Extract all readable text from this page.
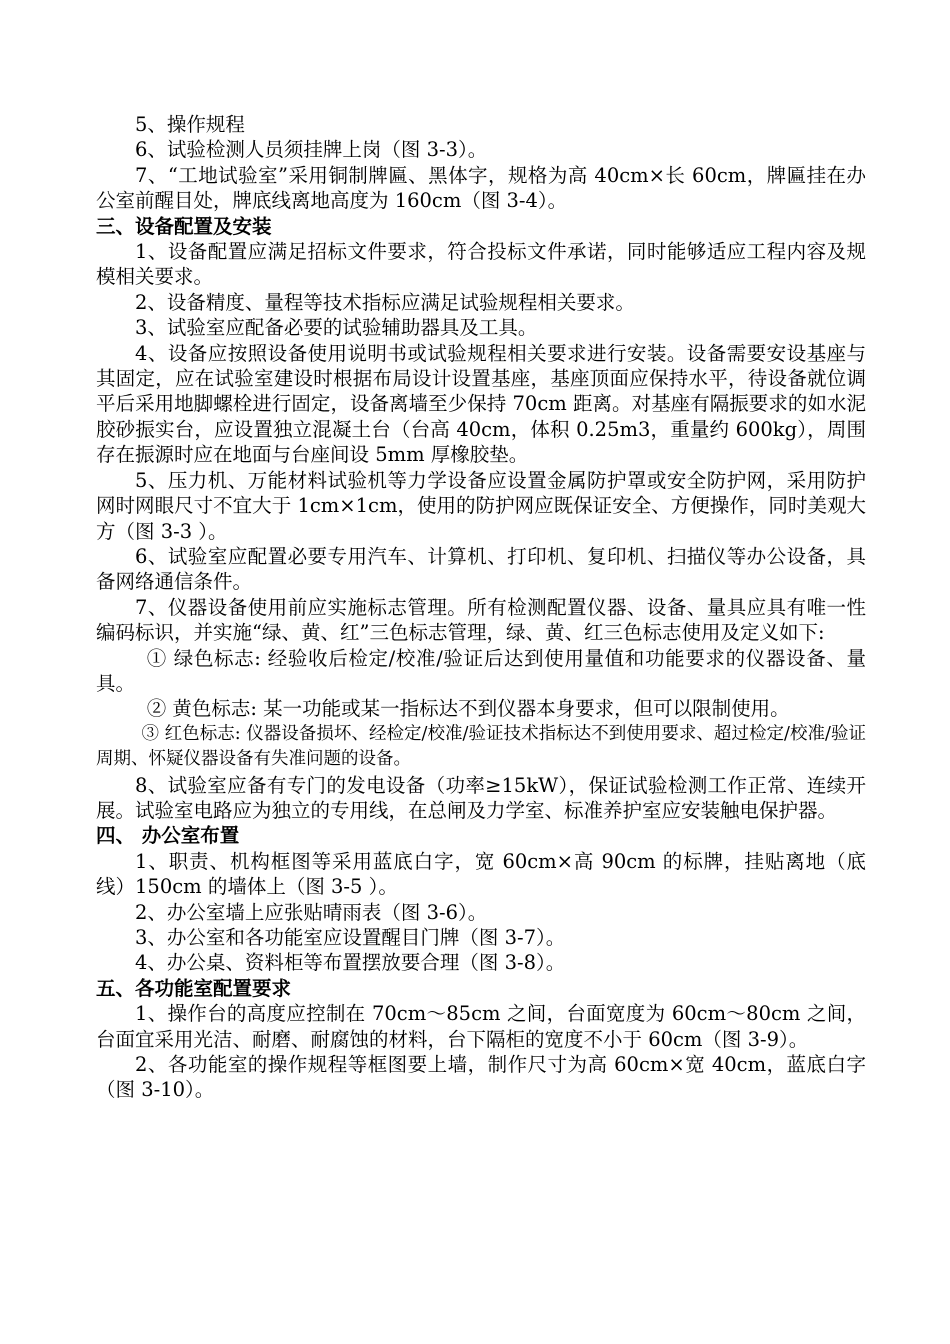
5、操作规程

6、试验检测人员须挂牌上岗（图 3-3）。

7、“工地试验室”采用铜制牌匾、黑体字，规格为高 40cm×长 60cm，牌匾挂在办公室前醒目处，牌底线离地高度为 160cm（图 3-4）。

三、设备配置及安装

1、设备配置应满足招标文件要求，符合投标文件承诺，同时能够适应工程内容及规模相关要求。

2、设备精度、量程等技术指标应满足试验规程相关要求。

3、试验室应配备必要的试验辅助器具及工具。

4、设备应按照设备使用说明书或试验规程相关要求进行安装。设备需要安设基座与其固定，应在试验室建设时根据布局设计设置基座，基座顶面应保持水平，待设备就位调平后采用地脚螺栓进行固定，设备离墙至少保持 70cm 距离。对基座有隔振要求的如水泥胶砂振实台，应设置独立混凝土台（台高 40cm，体积 0.25m3，重量约 600kg），周围存在振源时应在地面与台座间设 5mm 厚橡胶垫。

5、压力机、万能材料试验机等力学设备应设置金属防护罩或安全防护网，采用防护网时网眼尺寸不宜大于 1cm×1cm，使用的防护网应既保证安全、方便操作，同时美观大方（图 3-3 ）。

6、试验室应配置必要专用汽车、计算机、打印机、复印机、扫描仪等办公设备，具备网络通信条件。

7、仪器设备使用前应实施标志管理。所有检测配置仪器、设备、量具应具有唯一性编码标识，并实施“绿、黄、红”三色标志管理，绿、黄、红三色标志使用及定义如下:

① 绿色标志: 经验收后检定/校准/验证后达到使用量值和功能要求的仪器设备、量具。

② 黄色标志: 某一功能或某一指标达不到仪器本身要求，但可以限制使用。

③ 红色标志: 仪器设备损坏、经检定/校准/验证技术指标达不到使用要求、超过检定/校准/验证周期、怀疑仪器设备有失准问题的设备。

8、试验室应备有专门的发电设备（功率≥15kW），保证试验检测工作正常、连续开展。试验室电路应为独立的专用线，在总闸及力学室、标准养护室应安装触电保护器。

四、 办公室布置

1、职责、机构框图等采用蓝底白字，宽 60cm×高 90cm 的标牌，挂贴离地（底线）150cm 的墙体上（图 3-5 ）。

2、办公室墙上应张贴晴雨表（图 3-6）。

3、办公室和各功能室应设置醒目门牌（图 3-7）。

4、办公桌、资料柜等布置摆放要合理（图 3-8）。

五、各功能室配置要求

1、操作台的高度应控制在 70cm～85cm 之间，台面宽度为 60cm～80cm 之间，台面宜采用光洁、耐磨、耐腐蚀的材料，台下隔柜的宽度不小于 60cm（图 3-9）。

2、各功能室的操作规程等框图要上墙，制作尺寸为高 60cm×宽 40cm，蓝底白字（图 3-10）。
